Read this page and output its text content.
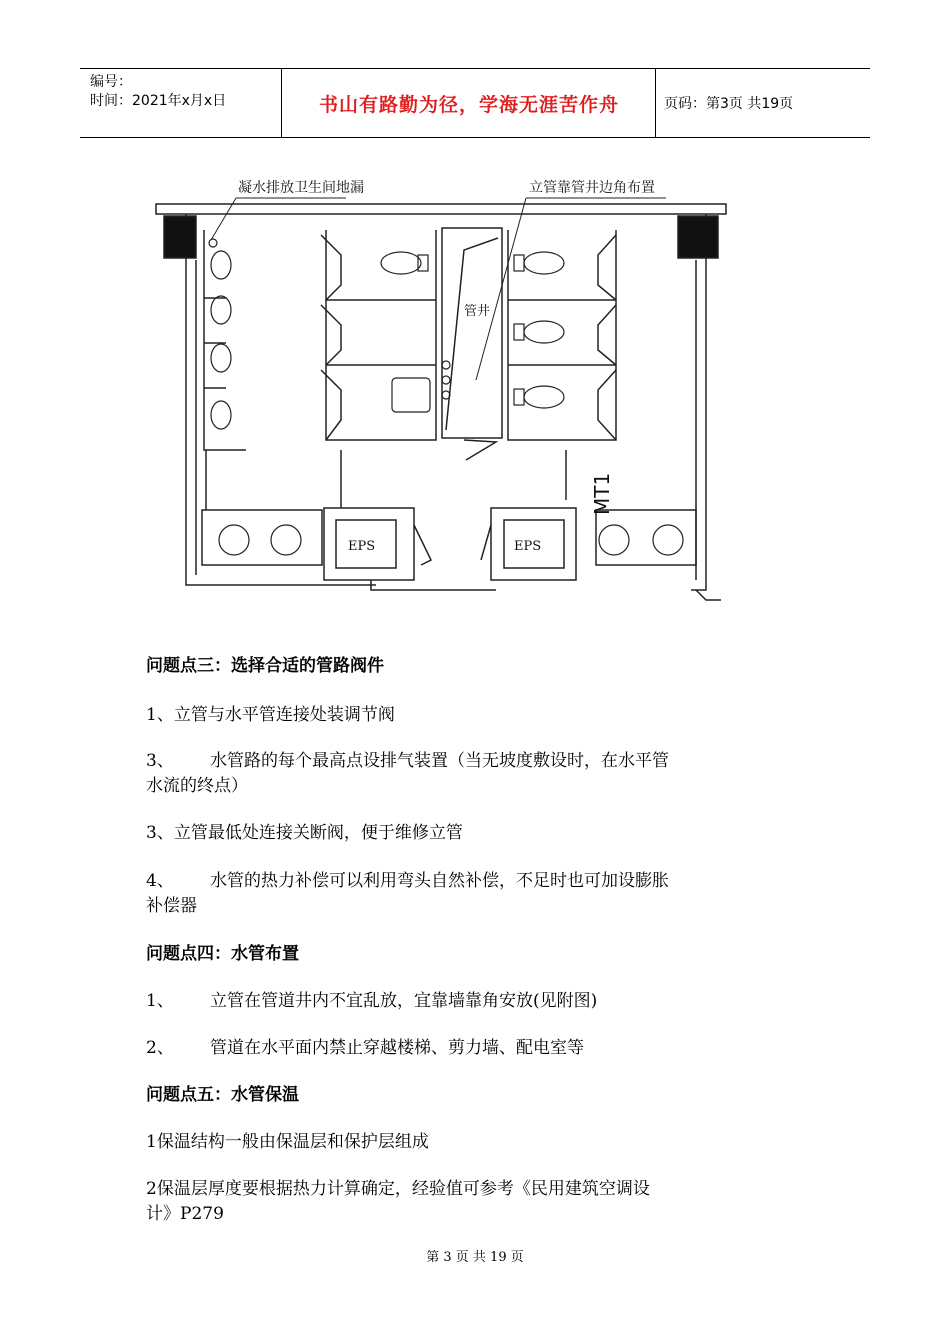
编号：
时间：2021年x月x日	书山有路勤为径，学海无涯苦作舟	页码：第3页 共19页
凝水排放卫生间地漏	立管靠管井边角布置
管井
MT1
EPS	EPS
问题点三：选择合适的管路阀件
1、立管与水平管连接处装调节阀
3、 水管路的每个最高点设排气装置（当无坡度敷设时，在水平管
水流的终点）
3、立管最低处连接关断阀，便于维修立管
4、 水管的热力补偿可以利用弯头自然补偿，不足时也可加设膨胀
补偿器
问题点四：水管布置
1、 立管在管道井内不宜乱放，宜靠墙靠角安放(见附图)
2、 管道在水平面内禁止穿越楼梯、剪力墙、配电室等
问题点五：水管保温
1保温结构一般由保温层和保护层组成
2保温层厚度要根据热力计算确定，经验值可参考《民用建筑空调设
计》P279
第 3 页 共 19 页
